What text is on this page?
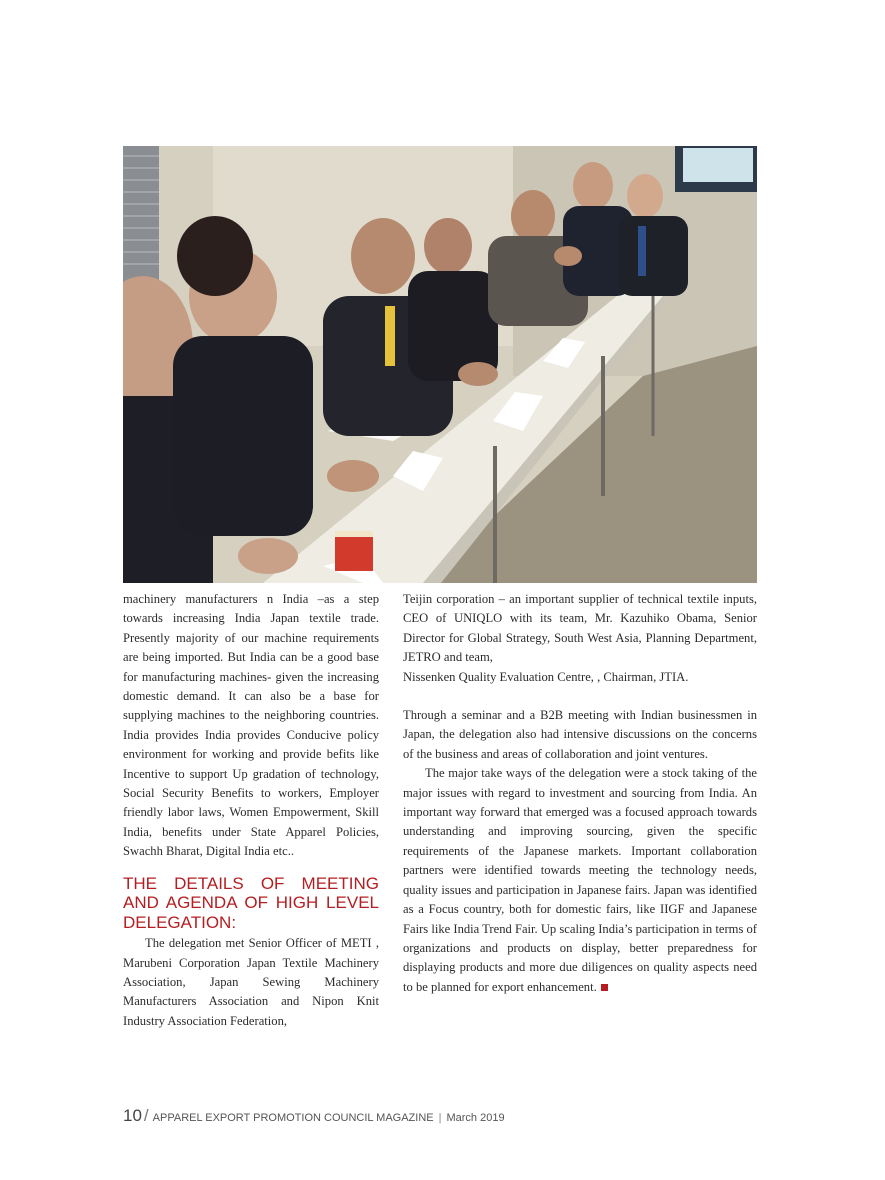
machinery manufacturers n India –as a step towards increasing India Japan textile trade. Presently majority of our machine requirements are being imported. But India can be a good base for manufacturing machines- given the increasing domestic demand. It can also be a base for supplying machines to the neighboring countries. India provides India provides Conducive policy environment for working and provide befits like Incentive to support Up gradation of technology, Social Security Benefits to workers, Employer friendly labor laws, Women Empowerment, Skill India, benefits under State Apparel Policies, Swachh Bharat, Digital India etc..

THE DETAILS OF MEETING AND AGENDA OF HIGH LEVEL DELEGATION:

The delegation met Senior Officer of METI , Marubeni Corporation Japan Textile Machinery Association, Japan Sewing Machinery Manufacturers Association and Nipon Knit Industry Association Federation,

Teijin corporation – an important supplier of technical textile inputs, CEO of UNIQLO with its team, Mr. Kazuhiko Obama, Senior Director for Global Strategy, South West Asia, Planning Department, JETRO and team,

Nissenken Quality Evaluation Centre, , Chairman, JTIA.

Through a seminar and a B2B meeting with Indian businessmen in Japan, the delegation also had intensive discussions on the concerns of the business and areas of collaboration and joint ventures.

The major take ways of the delegation were a stock taking of the major issues with regard to investment and sourcing from India. An important way forward that emerged was a focused approach towards understanding and improving sourcing, given the specific requirements of the Japanese markets. Important collaboration partners were identified towards meeting the technology needs, quality issues and participation in Japanese fairs. Japan was identified as a Focus country, both for domestic fairs, like IIGF and Japanese Fairs like India Trend Fair. Up scaling India’s participation in terms of organizations and products on display, better preparedness for displaying products and more due diligences on quality aspects need to be planned for export enhancement.

10 / APPAREL EXPORT PROMOTION COUNCIL MAGAZINE | March 2019
